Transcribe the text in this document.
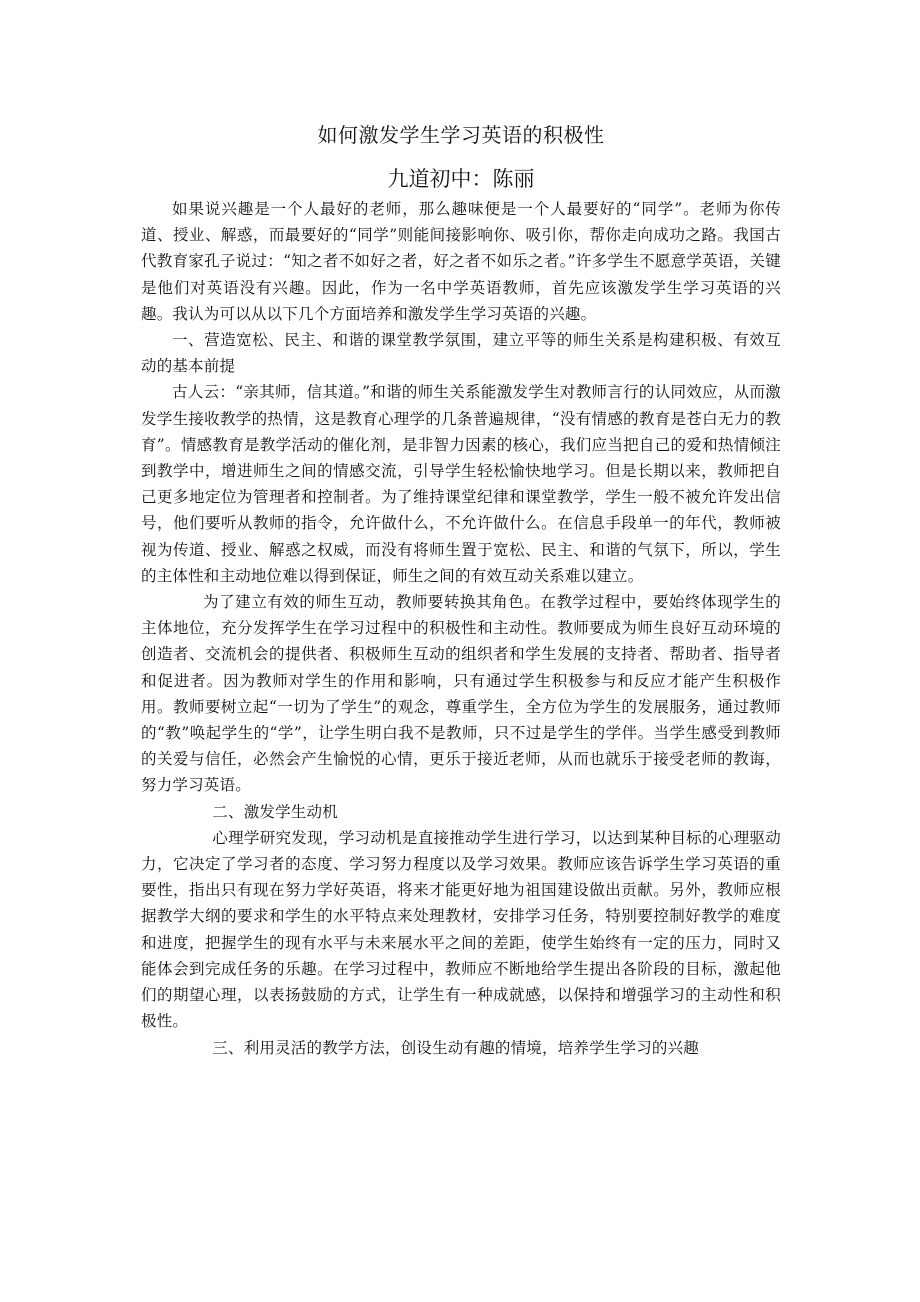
如何激发学生学习英语的积极性
九道初中：陈丽

如果说兴趣是一个人最好的老师，那么趣味便是一个人最要好的“同学”。老师为你传道、授业、解惑，而最要好的“同学”则能间接影响你、吸引你，帮你走向成功之路。我国古代教育家孔子说过：“知之者不如好之者，好之者不如乐之者。”许多学生不愿意学英语，关键是他们对英语没有兴趣。因此，作为一名中学英语教师，首先应该激发学生学习英语的兴趣。我认为可以从以下几个方面培养和激发学生学习英语的兴趣。

一、营造宽松、民主、和谐的课堂教学氛围，建立平等的师生关系是构建积极、有效互动的基本前提

古人云：“亲其师，信其道。”和谐的师生关系能激发学生对教师言行的认同效应，从而激发学生接收教学的热情，这是教育心理学的几条普遍规律，“没有情感的教育是苍白无力的教育”。情感教育是教学活动的催化剂，是非智力因素的核心，我们应当把自己的爱和热情倾注到教学中，增进师生之间的情感交流，引导学生轻松愉快地学习。但是长期以来，教师把自己更多地定位为管理者和控制者。为了维持课堂纪律和课堂教学，学生一般不被允许发出信号，他们要听从教师的指令，允许做什么，不允许做什么。在信息手段单一的年代，教师被视为传道、授业、解惑之权威，而没有将师生置于宽松、民主、和谐的气氛下，所以，学生的主体性和主动地位难以得到保证，师生之间的有效互动关系难以建立。

为了建立有效的师生互动，教师要转换其角色。在教学过程中，要始终体现学生的主体地位，充分发挥学生在学习过程中的积极性和主动性。教师要成为师生良好互动环境的创造者、交流机会的提供者、积极师生互动的组织者和学生发展的支持者、帮助者、指导者和促进者。因为教师对学生的作用和影响，只有通过学生积极参与和反应才能产生积极作用。教师要树立起“一切为了学生”的观念，尊重学生，全方位为学生的发展服务，通过教师的“教”唤起学生的“学”，让学生明白我不是教师，只不过是学生的学伴。当学生感受到教师的关爱与信任，必然会产生愉悦的心情，更乐于接近老师，从而也就乐于接受老师的教诲，努力学习英语。

二、激发学生动机

心理学研究发现，学习动机是直接推动学生进行学习，以达到某种目标的心理驱动力，它决定了学习者的态度、学习努力程度以及学习效果。教师应该告诉学生学习英语的重要性，指出只有现在努力学好英语，将来才能更好地为祖国建设做出贡献。另外，教师应根据教学大纲的要求和学生的水平特点来处理教材，安排学习任务，特别要控制好教学的难度和进度，把握学生的现有水平与未来展水平之间的差距，使学生始终有一定的压力，同时又能体会到完成任务的乐趣。在学习过程中，教师应不断地给学生提出各阶段的目标，激起他们的期望心理，以表扬鼓励的方式，让学生有一种成就感，以保持和增强学习的主动性和积极性。

三、利用灵活的教学方法，创设生动有趣的情境，培养学生学习的兴趣
